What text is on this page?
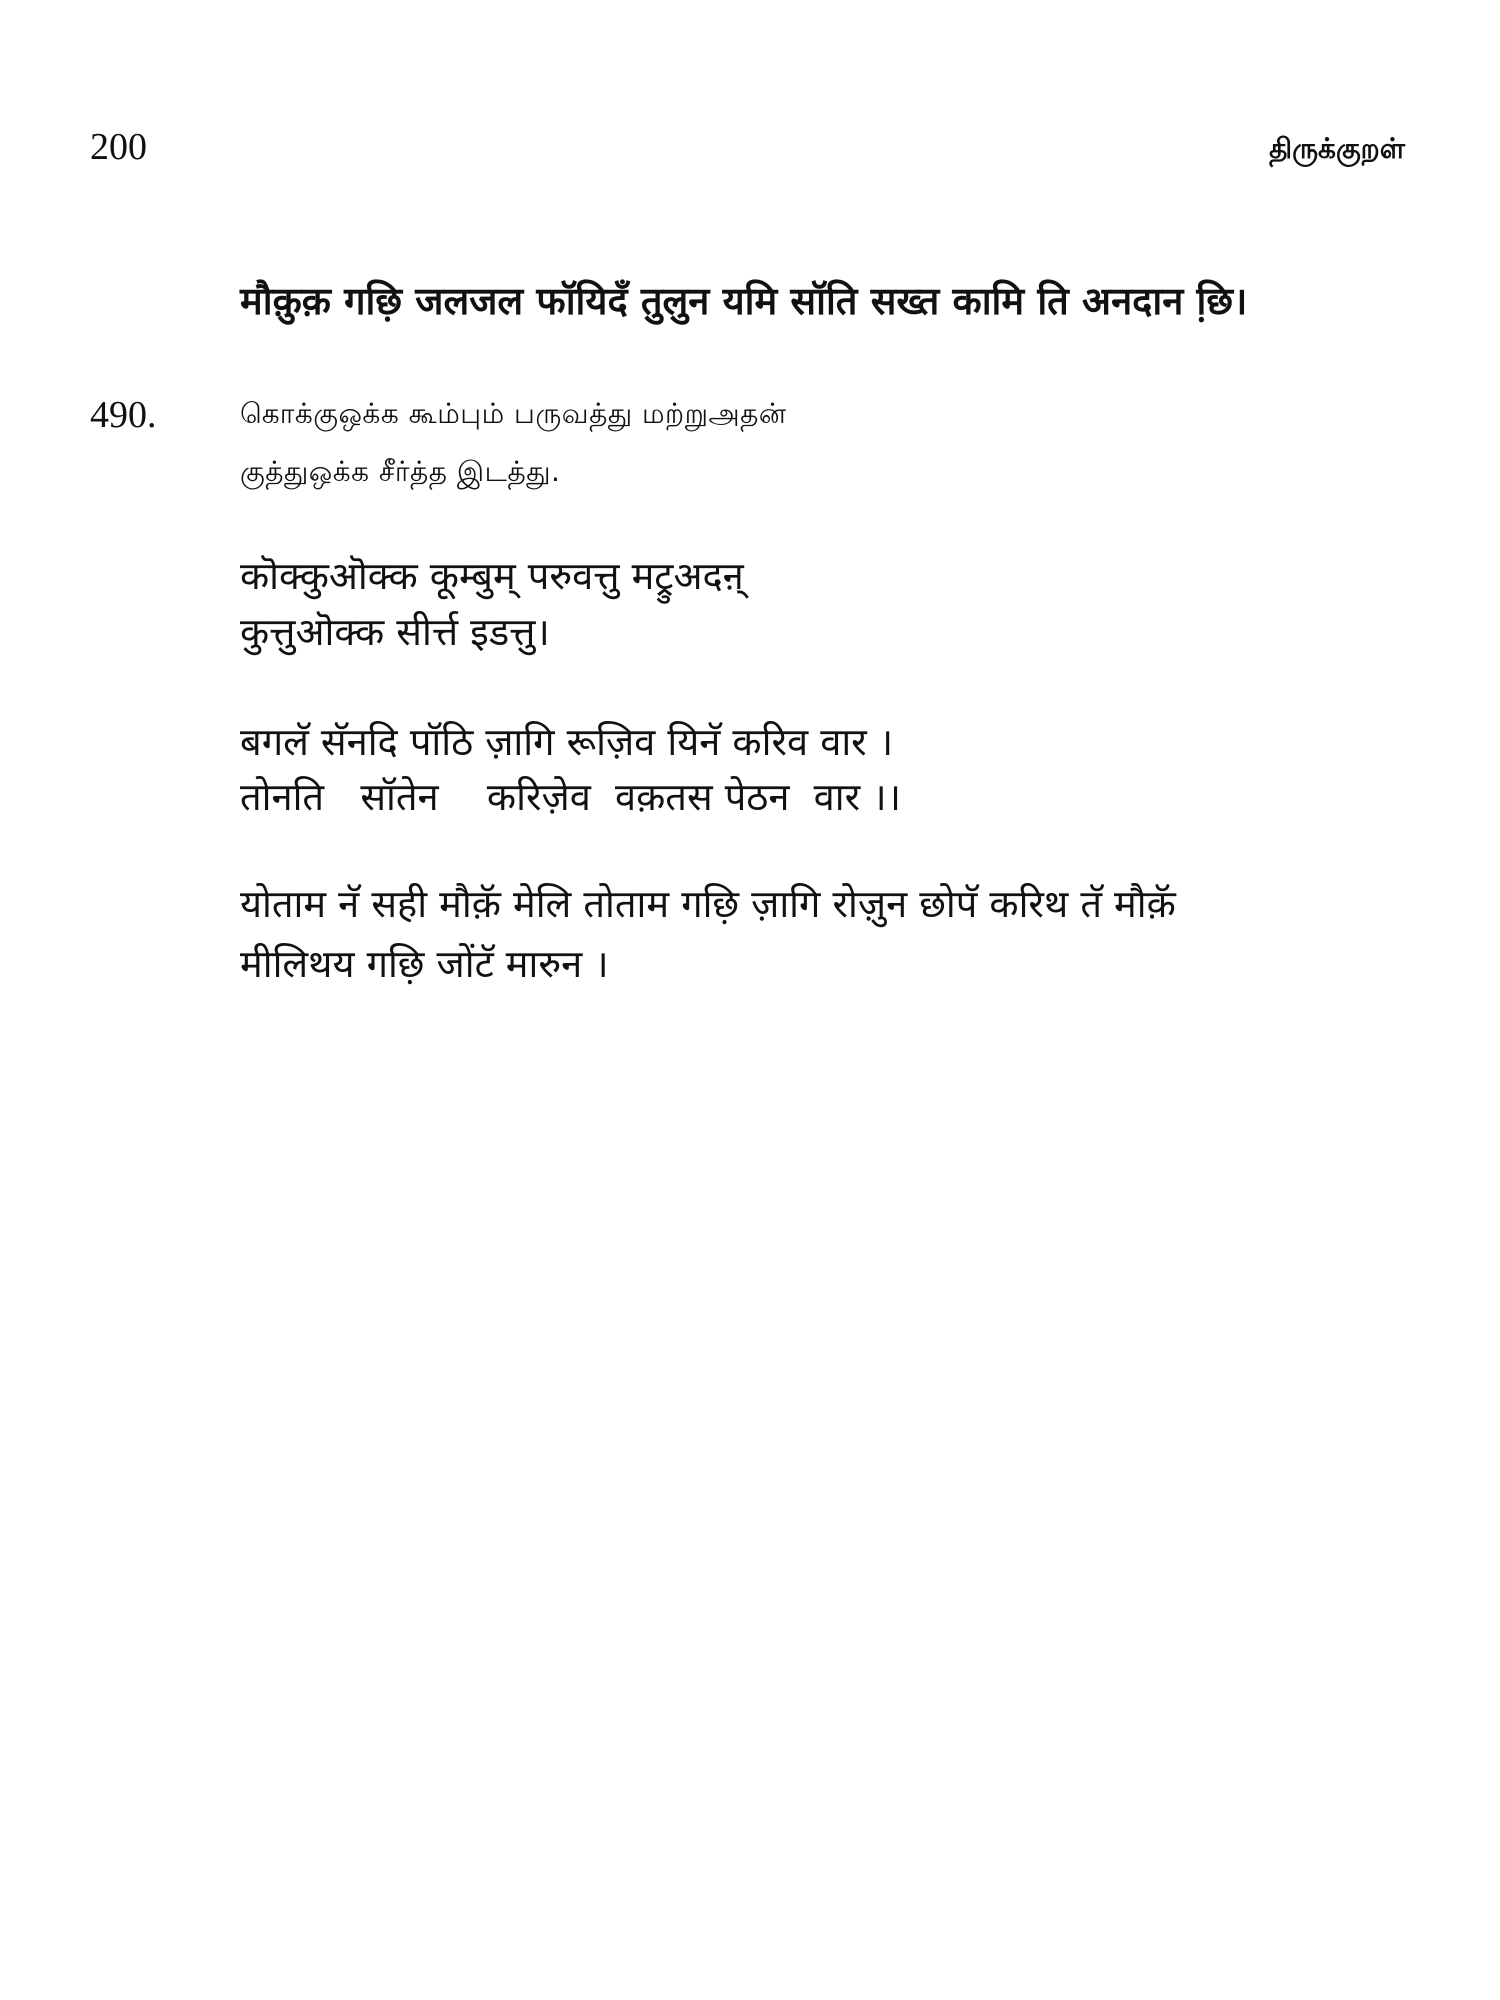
200	திருக்குறள்
मौक़ुक़ गछ़ि जलजल फॉयिदँ तुलुन यमि सॉति सख्त कामि ति अनदान छि़।
490.	கொக்குஒக்க கூம்பும் பருவத்து மற்றுஅதன்
குத்துஒக்க சீர்த்த இடத்து.
कॊक्कुऒक्क कूम्बुम् परुवत्तु मट्रुअदऩ्
कुत्तुऒक्क सीर्त्त इडत्तु।
बगलॅ सॅनदि पॉठि ज़ागि रूज़िव यिनॅ करिव वार ।
तोनति   सॉतेन    करिज़ेव  वक़तस पेठन  वार ।।
योताम नॅ सही मौक़ॅ मेलि तोताम गछ़ि ज़ागि रोज़ुन छोपॅ करिथ तॅ मौक़ॅ
मीलिथय गछ़ि जोंटॅ मारुन ।
